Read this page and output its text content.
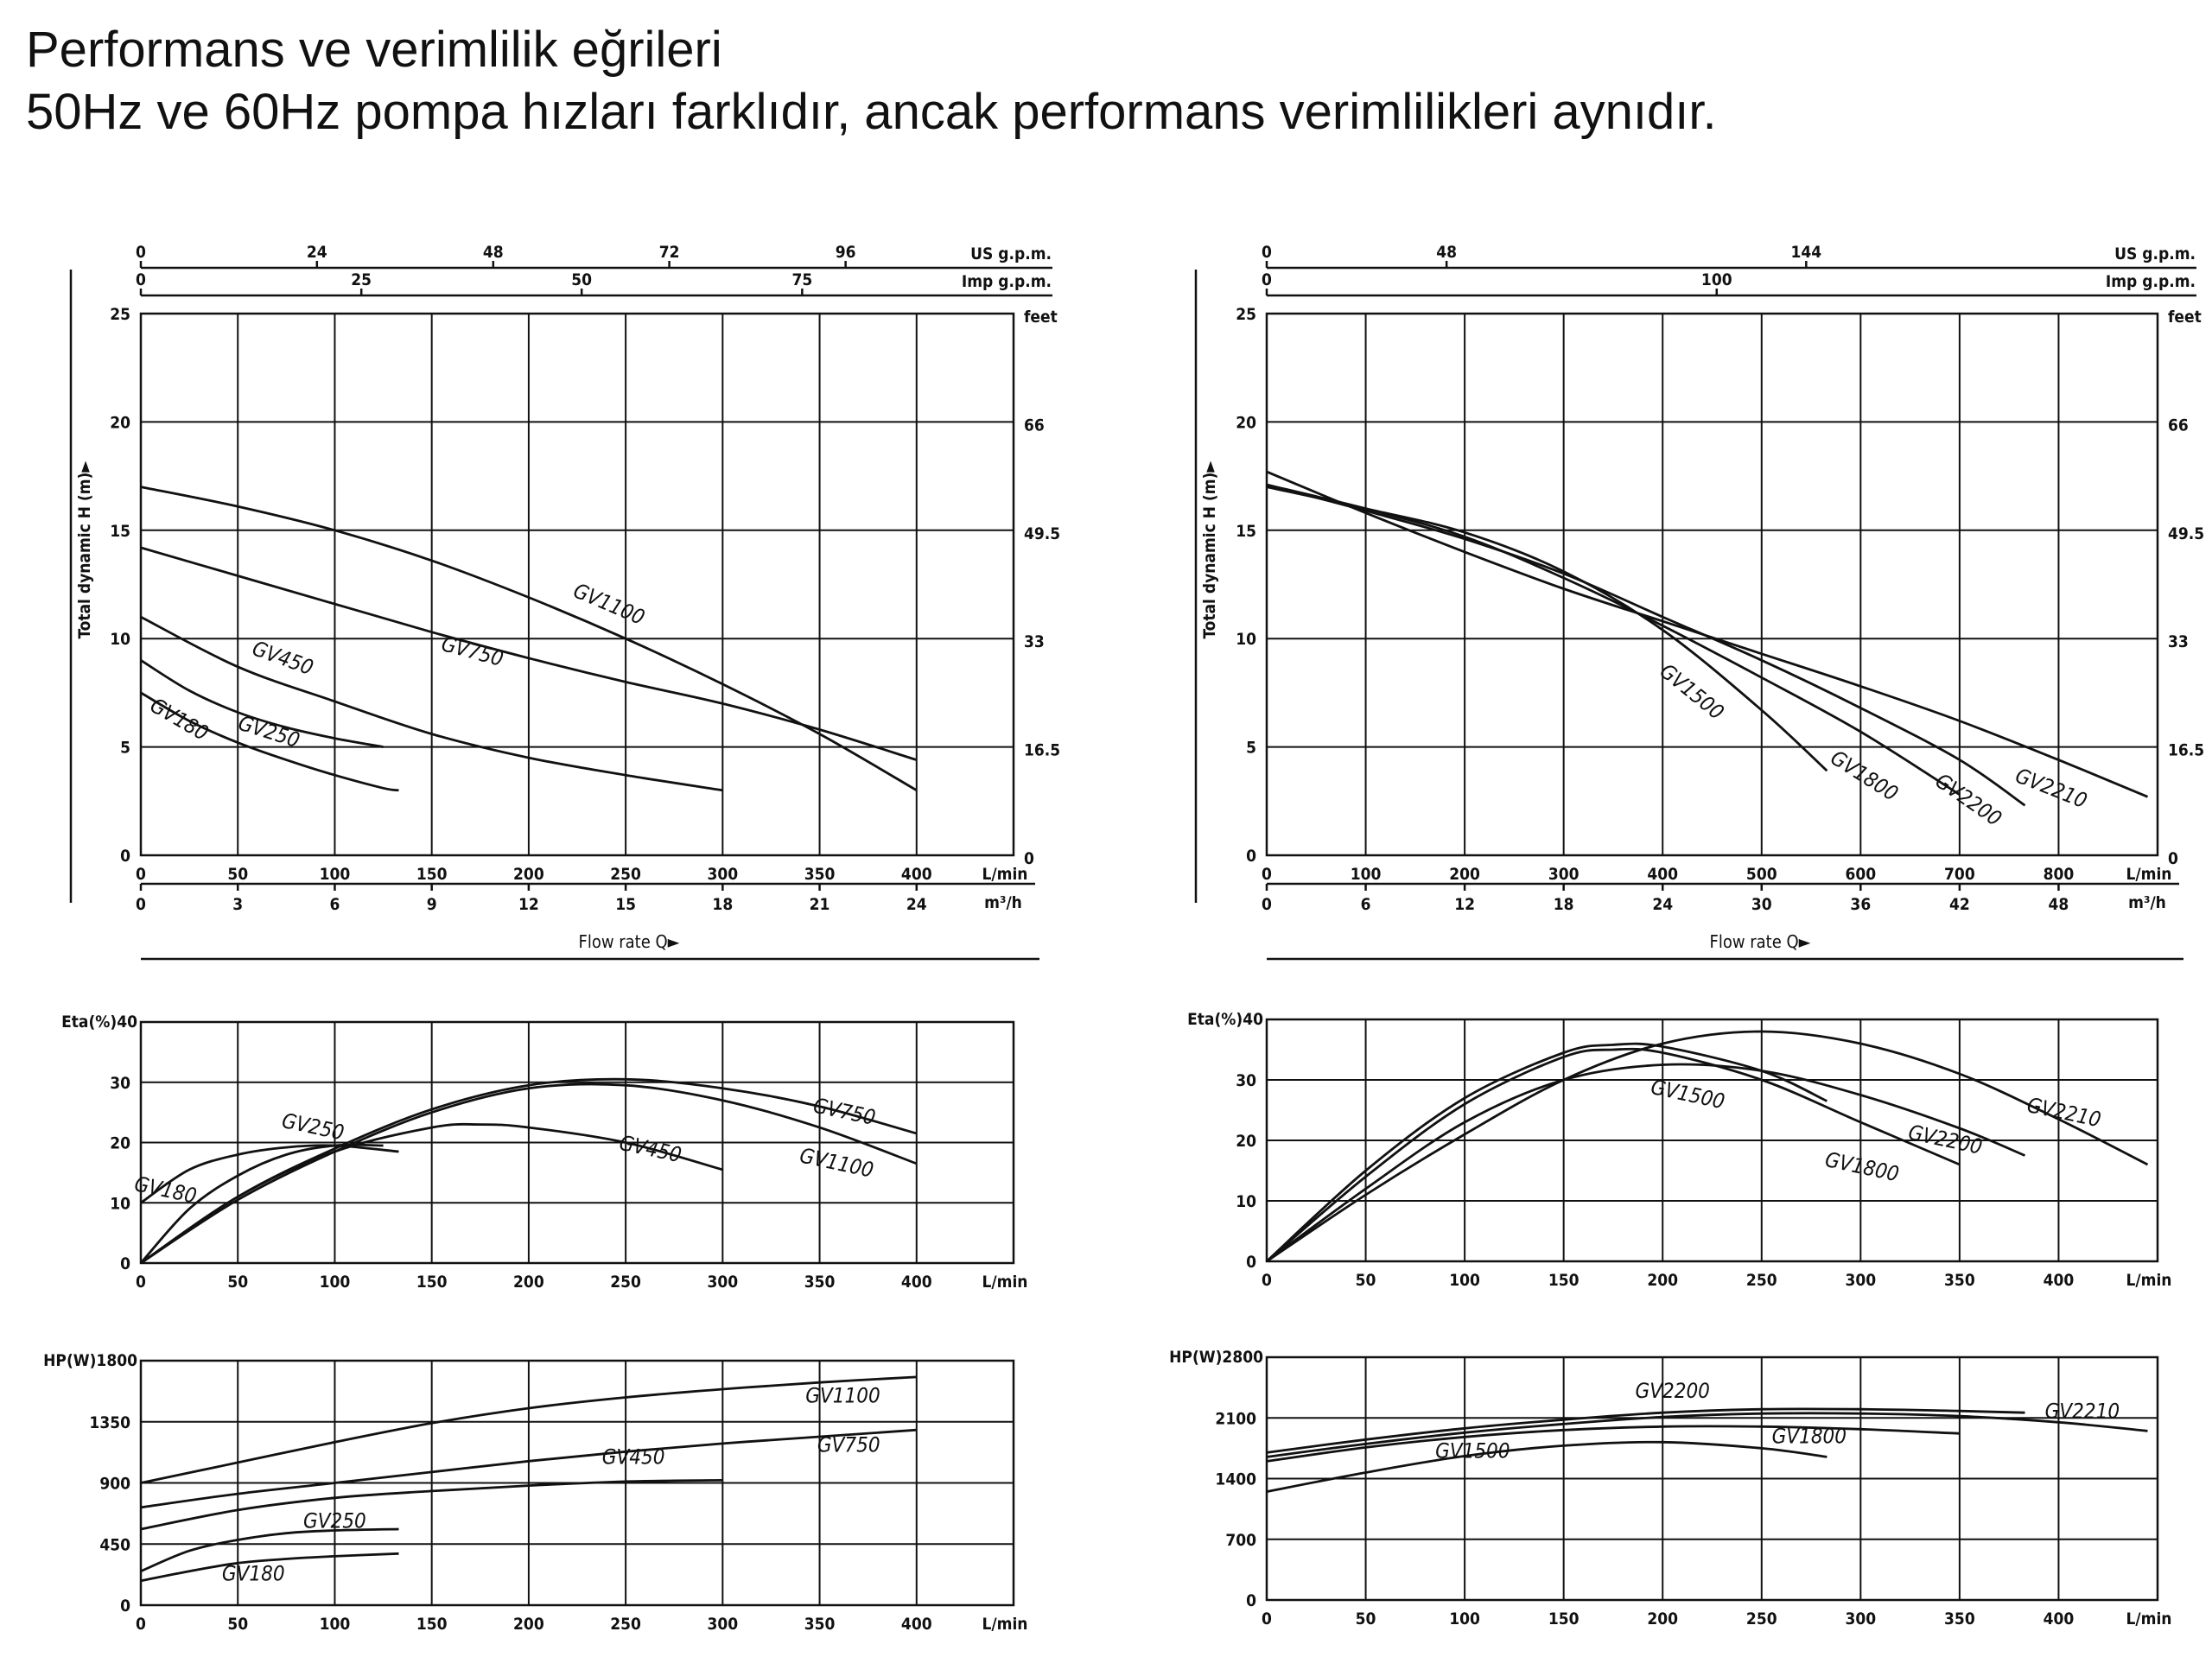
Performans ve verimlilik eğrileri
50Hz ve 60Hz pompa hızları farklıdır, ancak performans verimlilikleri aynıdır.
0	50	100	150	200	250	300	350	400	L/min
0
5
10
15
20
25	feet
66
49.5
33
16.5
0
0	24	48	72	96	US g.p.m.
0	25	50	75	Imp g.p.m.
0	3	6	9	12	15	18	21	24	m³/h
Flow rate Q►
Total dynamic H (m)►	GV1100
GV750
GV450
GV250
GV180
0	100	200	300	400	500	600	700	800	L/min
0
5
10
15
20
25	feet
66
49.5
33
16.5
0
0	48	144	US g.p.m.
0	100	Imp g.p.m.
0	6	12	18	24	30	36	42	48	m³/h
Flow rate Q►
Total dynamic H (m)►
GV1500
GV1800 GV2200 GV2210
0	50	100	150	200	250	300	350	400	L/min
0
10
20
30
Eta(%)40
GV750
GV1100
GV450
GV250
GV180
0	50	100	150	200	250	300	350	400	L/min
0
10
20
30
Eta(%)40
GV1500
GV1800
GV2200
GV2210
0	50	100	150	200	250	300	350	400	L/min
0
450
900
1350
HP(W)1800
GV1100
GV750
GV450
GV250
GV180
0	50	100	150	200	250	300	350	400	L/min
0
700
1400
2100
HP(W)2800
GV2200
GV2210
GV1800
GV1500
